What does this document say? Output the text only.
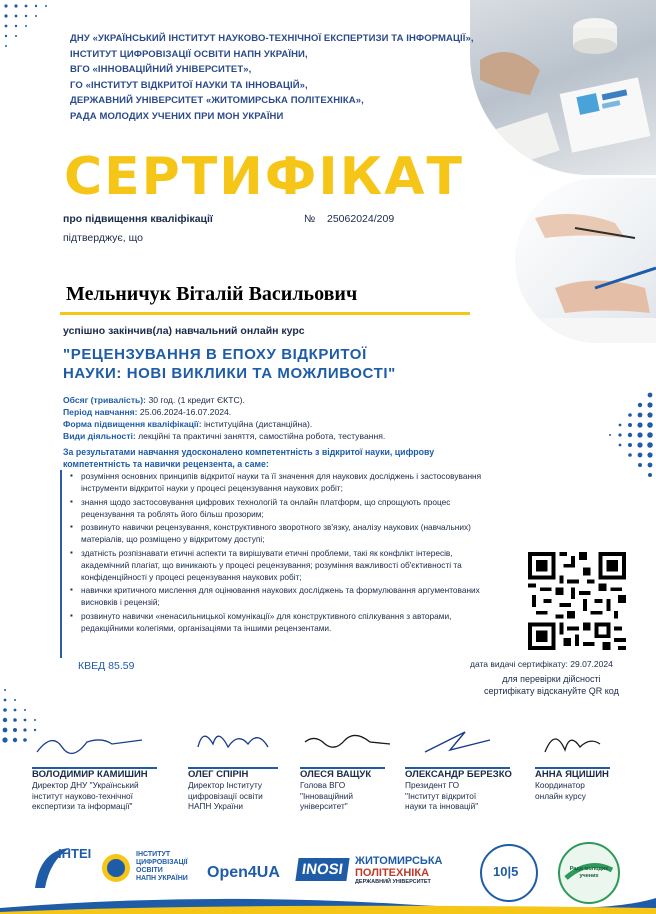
ДНУ «УКРАЇНСЬКИЙ ІНСТИТУТ НАУКОВО-ТЕХНІЧНОЇ ЕКСПЕРТИЗИ ТА ІНФОРМАЦІЇ»,
ІНСТИТУТ ЦИФРОВІЗАЦІЇ ОСВІТИ НАПН УКРАЇНИ,
ВГО «ІННОВАЦІЙНИЙ УНІВЕРСИТЕТ»,
ГО «ІНСТИТУТ ВІДКРИТОЇ НАУКИ ТА ІННОВАЦІЙ»,
ДЕРЖАВНИЙ УНІВЕРСИТЕТ «ЖИТОМИРСЬКА ПОЛІТЕХНІКА»,
РАДА МОЛОДИХ УЧЕНИХ ПРИ МОН УКРАЇНИ
СЕРТИФІКАТ
про підвищення кваліфікації
підтверджує, що
№ 25062024/209
Мельничук Віталій Васильович
успішно закінчив(ла) навчальний онлайн курс
"РЕЦЕНЗУВАННЯ В ЕПОХУ ВІДКРИТОЇ
НАУКИ: НОВІ ВИКЛИКИ ТА МОЖЛИВОСТІ"
Обсяг (тривалість): 30 год. (1 кредит ЄКТС).
Період навчання: 25.06.2024-16.07.2024.
Форма підвищення кваліфікації: інституційна (дистанційна).
Види діяльності: лекційні та практичні заняття, самостійна робота, тестування.
За результатами навчання удосконалено компетентність з відкритої науки, цифрову компетентність та навички рецензента, а саме:
▪ розуміння основних принципів відкритої науки та її значення для наукових досліджень і застосовування інструменти відкритої науки у процесі рецензування наукових робіт;
▪ знання щодо застосовування цифрових технологій та онлайн платформ, що спрощують процес рецензування та роблять його більш прозорим;
▪ розвинуто навички рецензування, конструктивного зворотного зв'язку, аналізу наукових (навчальних) матеріалів, що розміщено у відкритому доступі;
▪ здатність розпізнавати етичні аспекти та вирішувати етичні проблеми, такі як конфлікт інтересів, академічний плагіат, що виникають у процесі рецензування; розуміння важливості об'єктивності та конфіденційності у процесі рецензування наукових робіт;
▪ навички критичного мислення для оцінювання наукових досліджень та формулювання аргументованих висновків і рецензій;
▪ розвинуто навички «ненасильницької комунікації» для конструктивного спілкування з авторами, редакційними колегіями, організаціями та іншими рецензентами.
КВЕД 85.59	дата видачі сертифікату: 29.07.2024
для перевірки дійсності
сертифікату відскануйте QR код
ВОЛОДИМИР КАМИШИН
Директор ДНУ "Український
інститут науково-технічної
експертизи та інформації"
ОЛЕГ СПІРІН
Директор Інституту
цифровізації освіти
НАПН України
ОЛЕСЯ ВАЩУК
Голова ВГО
"Інноваційний
університет"
ОЛЕКСАНДР БЕРЕЗКО
Президент ГО
"Інститут відкритої
науки та інновацій"
АННА ЯЦИШИН
Координатор
онлайн курсу
ІНТЕІ	ІНСТИТУТ
ЦИФРОВІЗАЦІЇ
ОСВІТИ
НАПН УКРАЇНИ Open4UA	INOSI ЖИТОМИРСЬКА
ПОЛІТЕХНІКА
ДЕРЖАВНИЙ УНІВЕРСИТЕТ
10|5	Рада молодих учених
